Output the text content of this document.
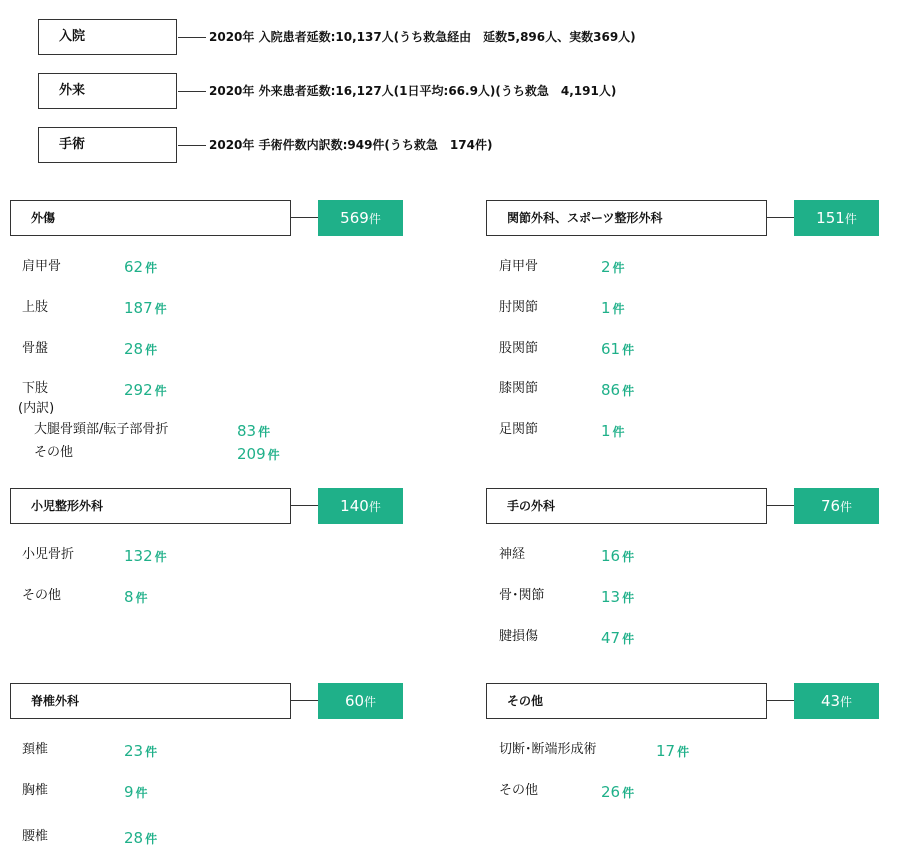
入院	2020年 入院患者延数:10,137人(うち救急経由　延数5,896人、実数369人)
外来	2020年 外来患者延数:16,127人(1日平均:66.9人)(うち救急　4,191人)
手術	2020年 手術件数内訳数:949件(うち救急　174件)
外傷	569件
肩甲骨	62 件
上肢	187 件
骨盤	28 件
下肢	292 件
(内訳)
大腿骨頸部/転子部骨折	83 件
その他	209 件
関節外科、スポーツ整形外科	151件
肩甲骨	2 件
肘関節	1 件
股関節	61 件
膝関節	86 件
足関節	1 件
小児整形外科	140件
小児骨折	132 件
その他	8 件
手の外科	76件
神経	16 件
骨･関節	13 件
腱損傷	47 件
脊椎外科	60件
頚椎	23 件
胸椎	9 件
腰椎	28 件
その他	43件
切断･断端形成術	17 件
その他	26 件
